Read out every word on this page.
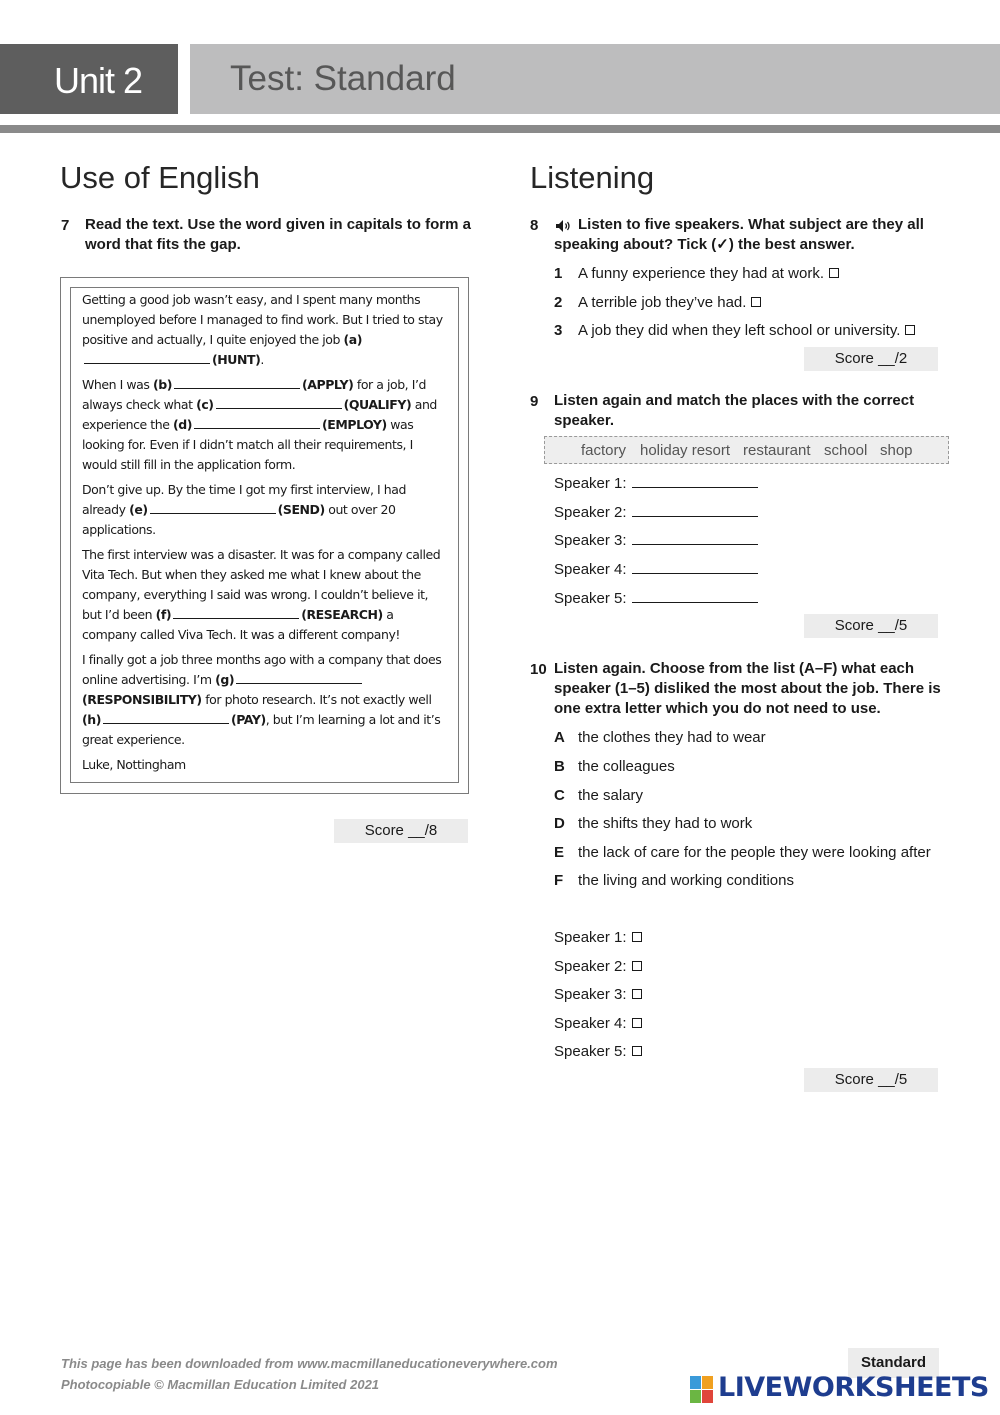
Unit 2	Test: Standard
Use of English
7 Read the text. Use the word given in capitals to form a word that fits the gap.

Getting a good job wasn’t easy, and I spent many months unemployed before I managed to find work. But I tried to stay positive and actually, I quite enjoyed the job (a)(HUNT).

When I was (b)	(APPLY) for a job, I’d always check what (c)	(QUALIFY) and experience the (d)	(EMPLOY) was looking for. Even if I didn’t match all their requirements, I would still fill in the application form.

Don’t give up. By the time I got my first interview, I had already (e)	(SEND) out over 20 applications.

The first interview was a disaster. It was for a company called Vita Tech. But when they asked me what I knew about the company, everything I said was wrong. I couldn’t believe it, but I’d been (f)	(RESEARCH) a company called Viva Tech. It was a different company!

I finally got a job three months ago with a company that does online advertising. I’m (g)(RESPONSIBILITY) for photo research. It’s not exactly well (h)	(PAY), but I’m learning a lot and it’s great experience.

Luke, Nottingham

Score __/8
Listening
8	Listen to five speakers. What subject are they all speaking about? Tick (✓) the best answer.
1 A funny experience they had at work.
2 A terrible job they’ve had.
3 A job they did when they left school or university.
Score __/2
9 Listen again and match the places with the correct speaker.
factory holiday resort restaurant school shop
Speaker 1:
Speaker 2:
Speaker 3:
Speaker 4:
Speaker 5:
Score __/5
10 Listen again. Choose from the list (A–F) what each speaker (1–5) disliked the most about the job. There is one extra letter which you do not need to use.
A the clothes they had to wear
B the colleagues
C the salary
D the shifts they had to work
E the lack of care for the people they were looking after
F the living and working conditions
Speaker 1:
Speaker 2:
Speaker 3:
Speaker 4:
Speaker 5:
Score __/5
This page has been downloaded from www.macmillaneducationeverywhere.com
Photocopiable © Macmillan Education Limited 2021
Standard
LIVEWORKSHEETS
